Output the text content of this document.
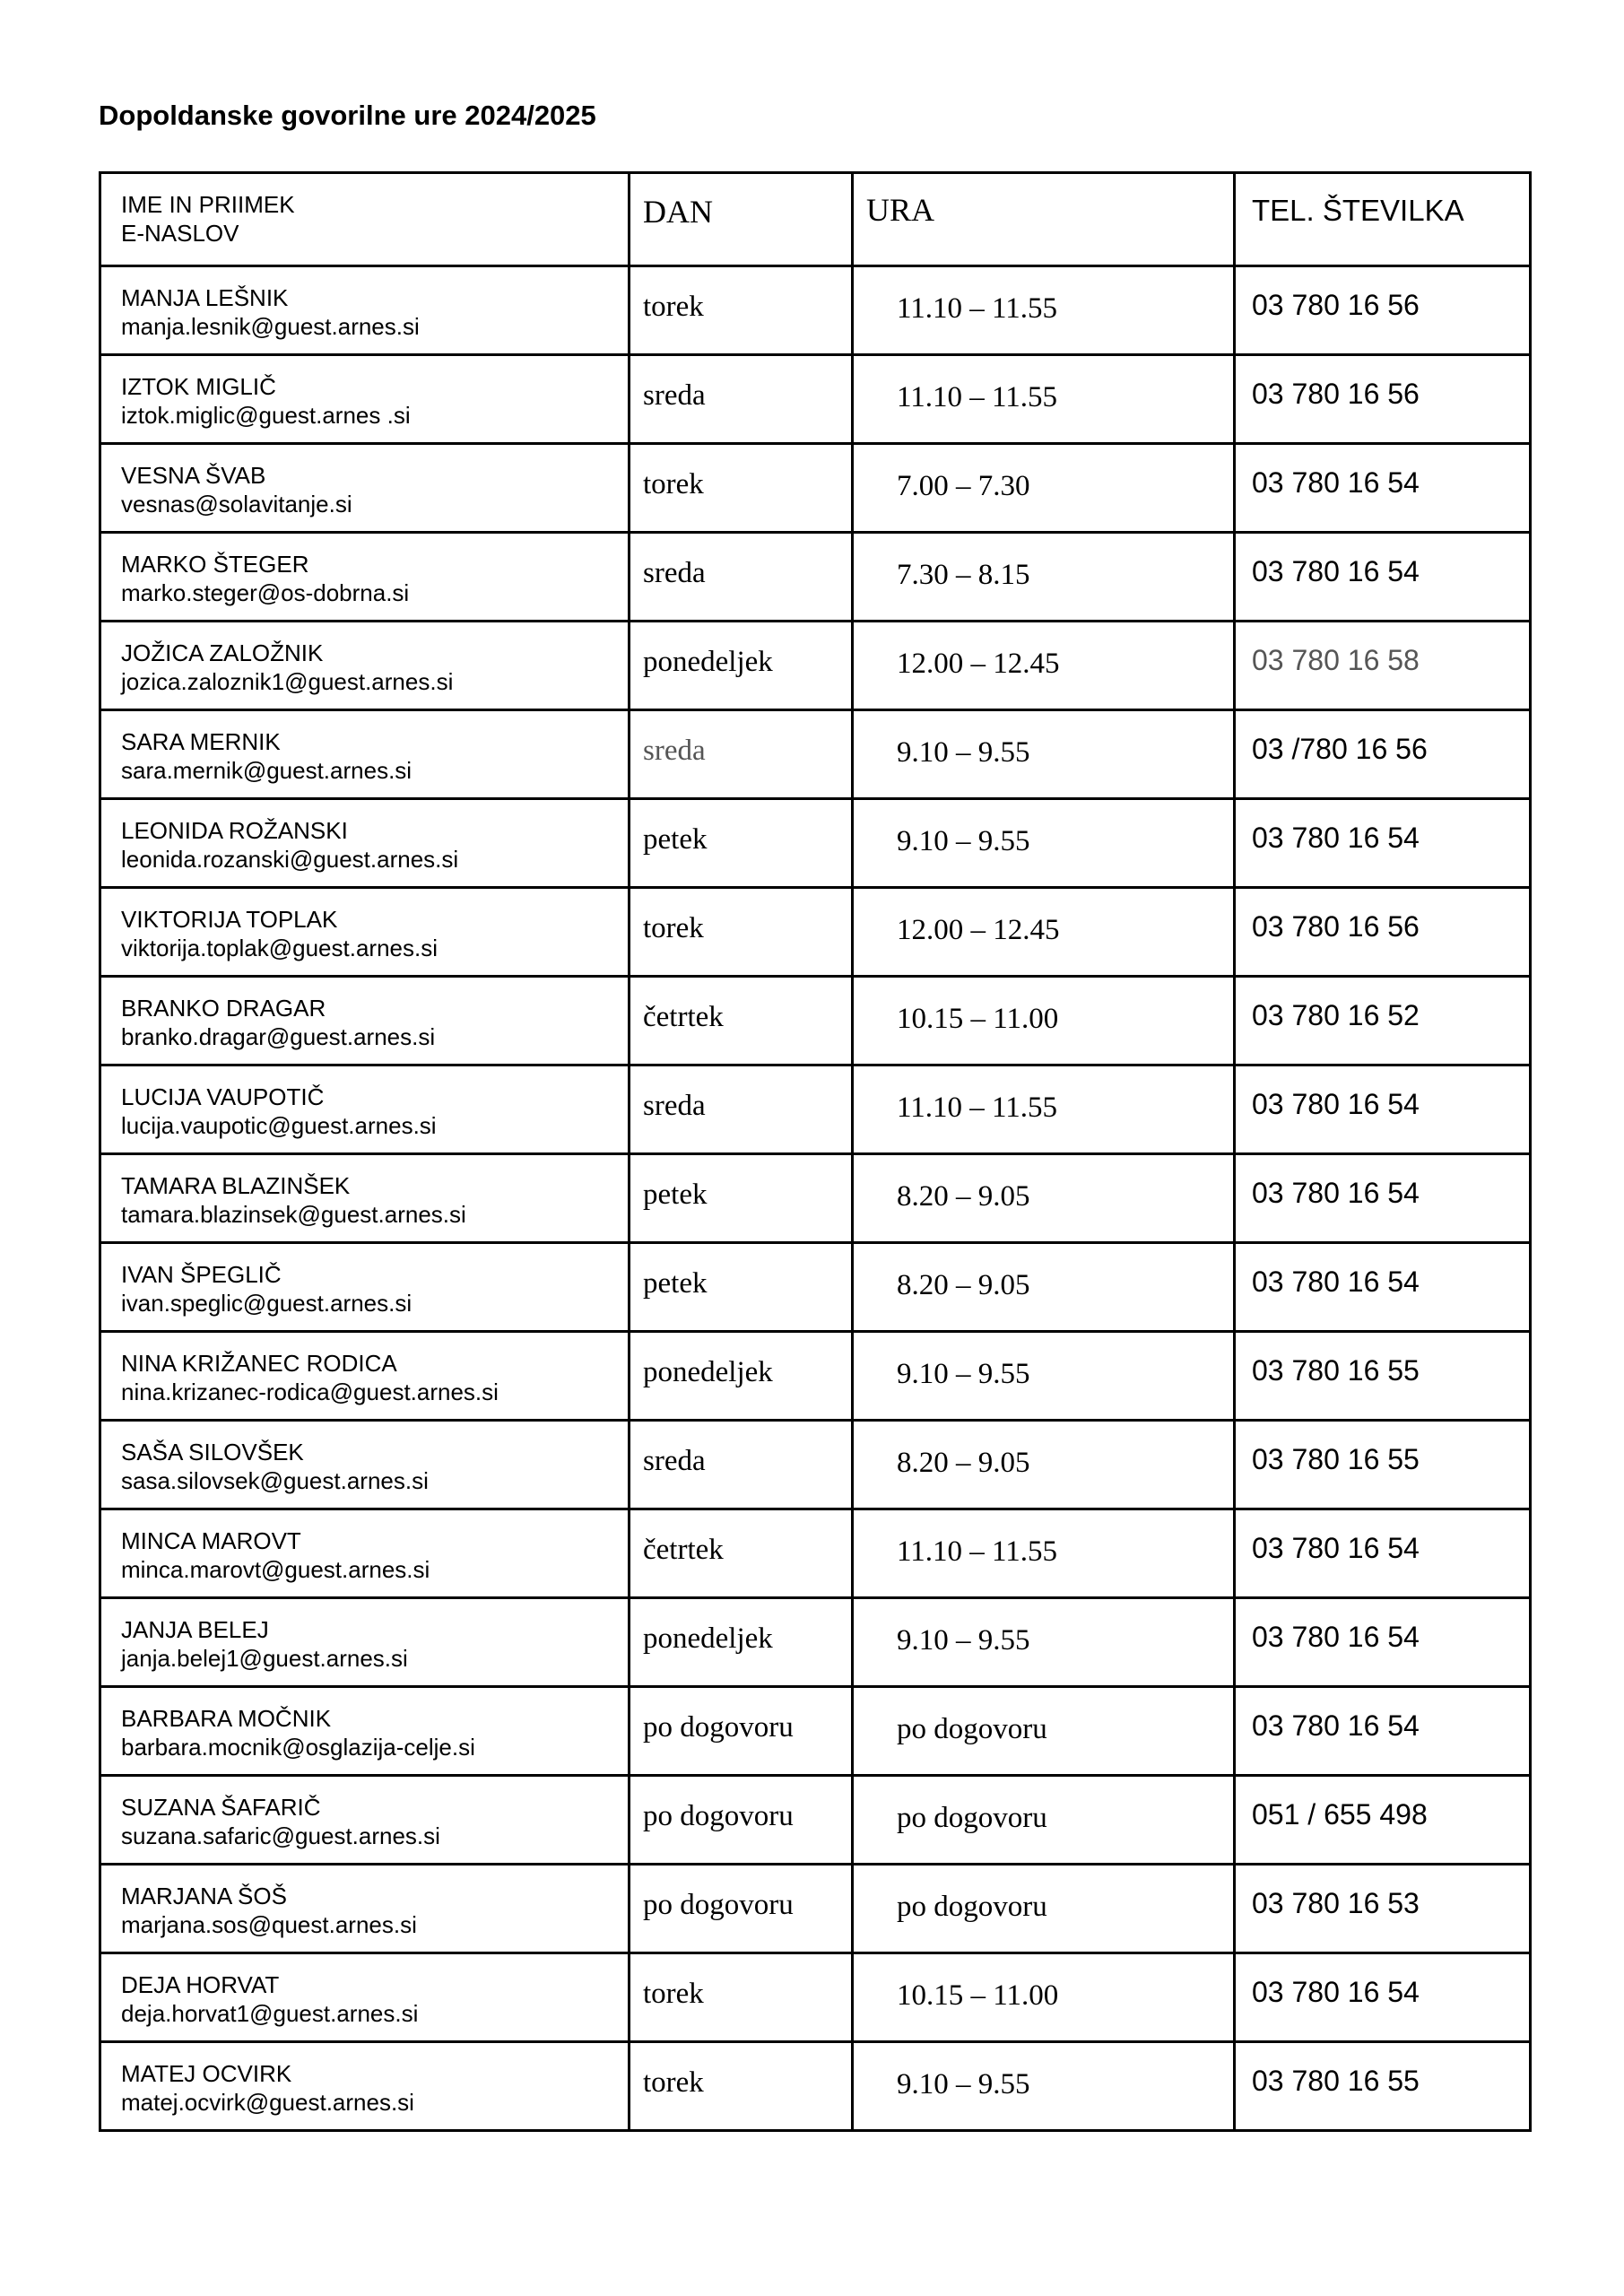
Dopoldanske govorilne ure 2024/2025
IME IN PRIIMEK
E-NASLOV	DAN	URA	TEL. ŠTEVILKA

MANJA LEŠNIK
manja.lesnik@guest.arnes.si	torek	11.10 – 11.55	03 780 16 56

IZTOK MIGLIČ
iztok.miglic@guest.arnes .si	sreda	11.10 – 11.55	03 780 16 56

VESNA ŠVAB
vesnas@solavitanje.si	torek	7.00 – 7.30	03 780 16 54

MARKO ŠTEGER
marko.steger@os-dobrna.si	sreda	7.30 – 8.15	03 780 16 54

JOŽICA ZALOŽNIK
jozica.zaloznik1@guest.arnes.si	ponedeljek	12.00 – 12.45	03 780 16 58

SARA MERNIK
sara.mernik@guest.arnes.si	sreda	9.10 – 9.55	03 /780 16 56

LEONIDA ROŽANSKI
leonida.rozanski@guest.arnes.si	petek	9.10 – 9.55	03 780 16 54

VIKTORIJA TOPLAK
viktorija.toplak@guest.arnes.si	torek	12.00 – 12.45	03 780 16 56

BRANKO DRAGAR
branko.dragar@guest.arnes.si	četrtek	10.15 – 11.00	03 780 16 52

LUCIJA VAUPOTIČ
lucija.vaupotic@guest.arnes.si	sreda	11.10 – 11.55	03 780 16 54

TAMARA BLAZINŠEK
tamara.blazinsek@guest.arnes.si	petek	8.20 – 9.05	03 780 16 54

IVAN ŠPEGLIČ
ivan.speglic@guest.arnes.si	petek	8.20 – 9.05	03 780 16 54

NINA KRIŽANEC RODICA
nina.krizanec-rodica@guest.arnes.si	ponedeljek	9.10 – 9.55	03 780 16 55

SAŠA SILOVŠEK
sasa.silovsek@guest.arnes.si	sreda	8.20 – 9.05	03 780 16 55

MINCA MAROVT
minca.marovt@guest.arnes.si	četrtek	11.10 – 11.55	03 780 16 54

JANJA BELEJ
janja.belej1@guest.arnes.si	ponedeljek	9.10 – 9.55	03 780 16 54

BARBARA MOČNIK
barbara.mocnik@osglazija-celje.si	po dogovoru	po dogovoru	03 780 16 54

SUZANA ŠAFARIČ
suzana.safaric@guest.arnes.si	po dogovoru	po dogovoru	051 / 655 498

MARJANA ŠOŠ
marjana.sos@quest.arnes.si	po dogovoru	po dogovoru	03 780 16 53

DEJA HORVAT
deja.horvat1@guest.arnes.si	torek	10.15 – 11.00	03 780 16 54

MATEJ OCVIRK
matej.ocvirk@guest.arnes.si	torek	9.10 – 9.55	03 780 16 55
